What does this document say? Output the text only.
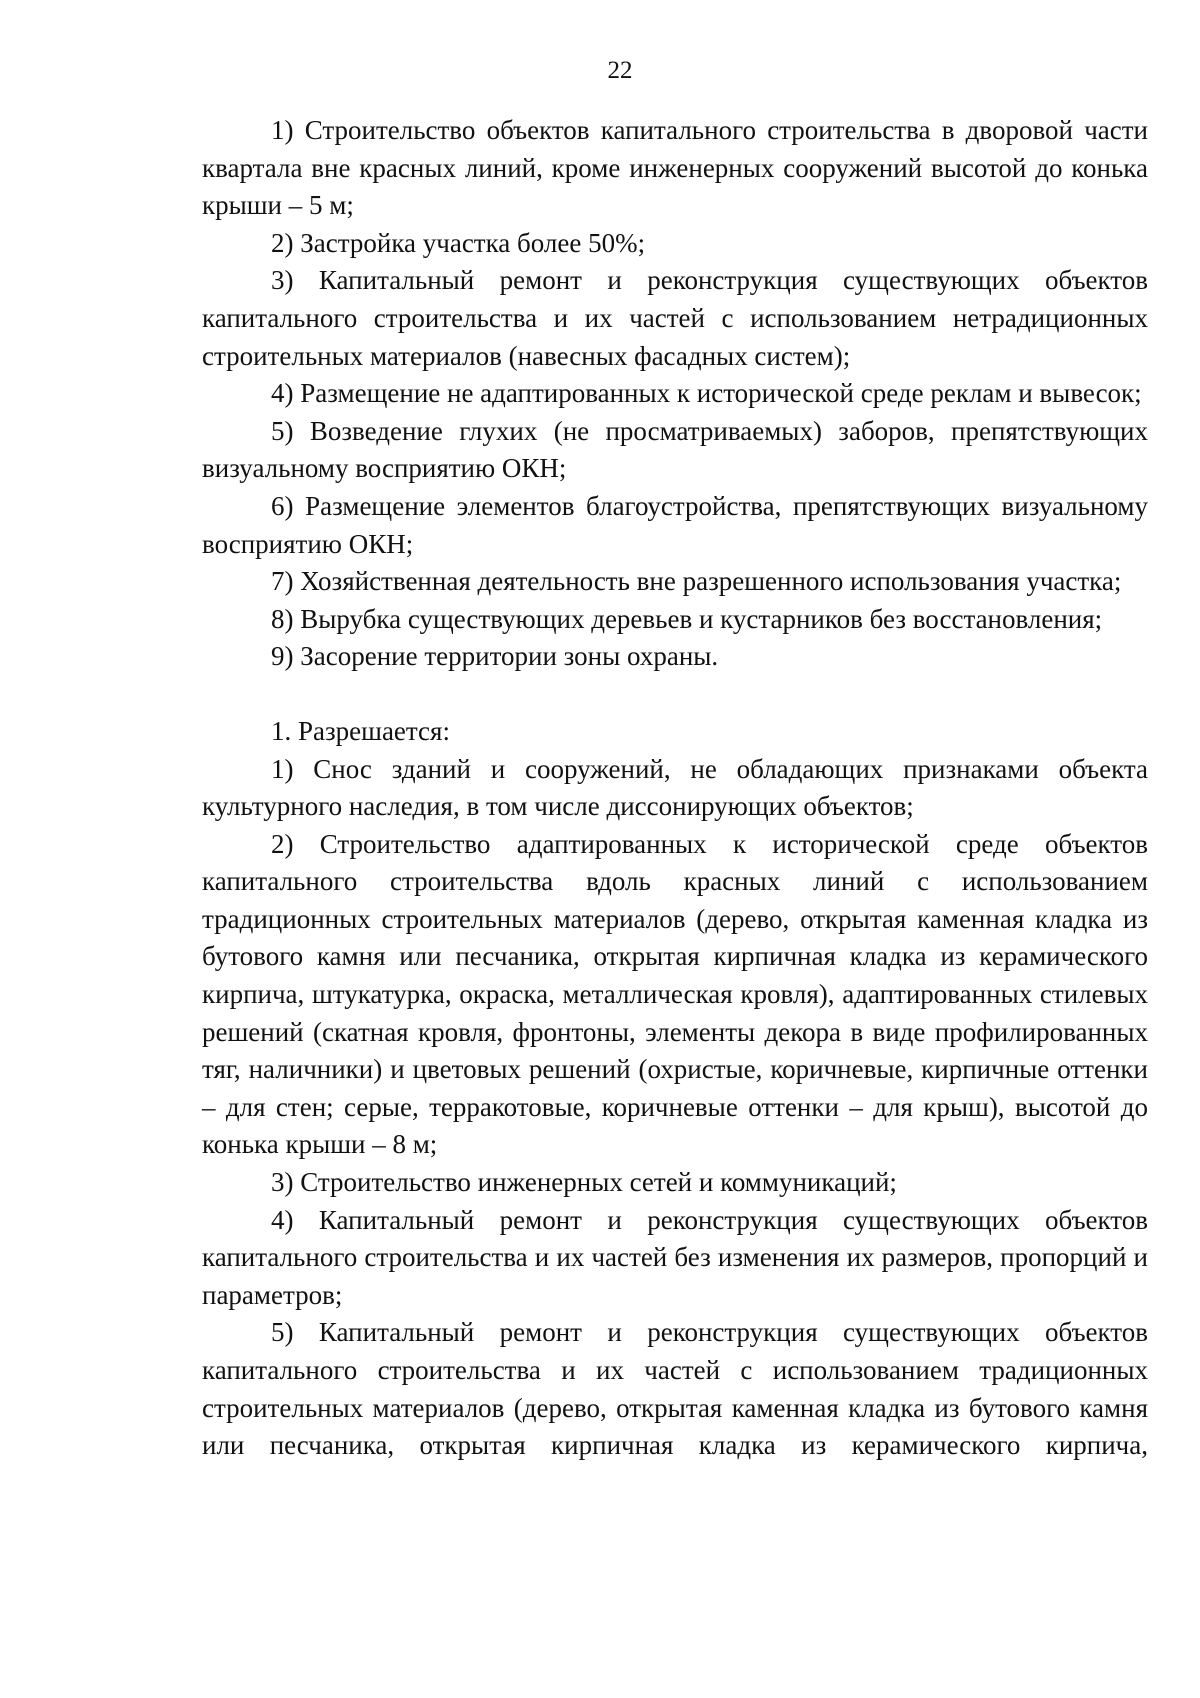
22

1) Строительство объектов капитального строительства в дворовой части квартала вне красных линий, кроме инженерных сооружений высотой до конька крыши – 5 м;

2) Застройка участка более 50%;

3) Капитальный ремонт и реконструкция существующих объектов капитального строительства и их частей с использованием нетрадиционных строительных материалов (навесных фасадных систем);

4) Размещение не адаптированных к исторической среде реклам и вывесок;

5) Возведение глухих (не просматриваемых) заборов, препятствующих визуальному восприятию ОКН;

6) Размещение элементов благоустройства, препятствующих визуальному восприятию ОКН;

7) Хозяйственная деятельность вне разрешенного использования участка;

8) Вырубка существующих деревьев и кустарников без восстановления;

9) Засорение территории зоны охраны.

1. Разрешается:

1) Снос зданий и сооружений, не обладающих признаками объекта культурного наследия, в том числе диссонирующих объектов;

2) Строительство адаптированных к исторической среде объектов капитального строительства вдоль красных линий с использованием традиционных строительных материалов (дерево, открытая каменная кладка из бутового камня или песчаника, открытая кирпичная кладка из керамического кирпича, штукатурка, окраска, металлическая кровля), адаптированных стилевых решений (скатная кровля, фронтоны, элементы декора в виде профилированных тяг, наличники) и цветовых решений (охристые, коричневые, кирпичные оттенки – для стен; серые, терракотовые, коричневые оттенки – для крыш), высотой до конька крыши – 8 м;

3) Строительство инженерных сетей и коммуникаций;

4) Капитальный ремонт и реконструкция существующих объектов капитального строительства и их частей без изменения их размеров, пропорций и параметров;

5) Капитальный ремонт и реконструкция существующих объектов капитального строительства и их частей с использованием традиционных строительных материалов (дерево, открытая каменная кладка из бутового камня или песчаника, открытая кирпичная кладка из керамического кирпича,
